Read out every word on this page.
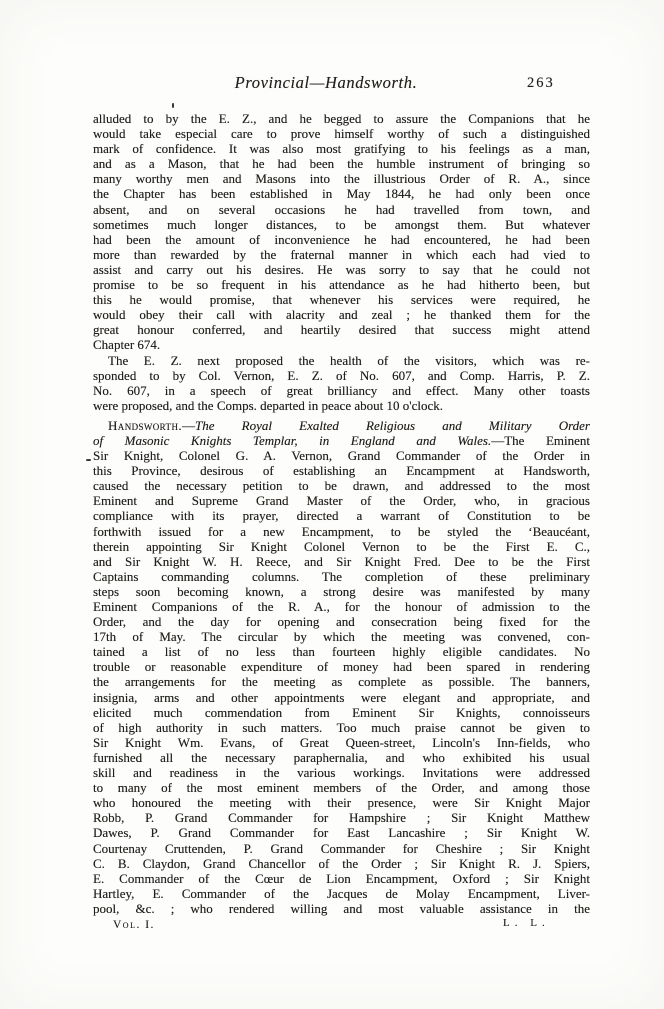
Provincial—Handsworth.	263
alluded to by the E. Z., and he begged to assure the Companions that he
would take especial care to prove himself worthy of such a distinguished
mark of confidence. It was also most gratifying to his feelings as a man,
and as a Mason, that he had been the humble instrument of bringing so
many worthy men and Masons into the illustrious Order of R. A., since
the Chapter has been established in May 1844, he had only been once
absent, and on several occasions he had travelled from town, and
sometimes much longer distances, to be amongst them. But whatever
had been the amount of inconvenience he had encountered, he had been
more than rewarded by the fraternal manner in which each had vied to
assist and carry out his desires. He was sorry to say that he could not
promise to be so frequent in his attendance as he had hitherto been, but
this he would promise, that whenever his services were required, he
would obey their call with alacrity and zeal ; he thanked them for the
great honour conferred, and heartily desired that success might attend
Chapter 674.
The E. Z. next proposed the health of the visitors, which was re-
sponded to by Col. Vernon, E. Z. of No. 607, and Comp. Harris, P. Z.
No. 607, in a speech of great brilliancy and effect. Many other toasts
were proposed, and the Comps. departed in peace about 10 o'clock.
Handsworth.—The Royal Exalted Religious and Military Order
of Masonic Knights Templar, in England and Wales.—The Eminent
Sir Knight, Colonel G. A. Vernon, Grand Commander of the Order in
this Province, desirous of establishing an Encampment at Handsworth,
caused the necessary petition to be drawn, and addressed to the most
Eminent and Supreme Grand Master of the Order, who, in gracious
compliance with its prayer, directed a warrant of Constitution to be
forthwith issued for a new Encampment, to be styled the ‘Beaucéant,
therein appointing Sir Knight Colonel Vernon to be the First E. C.,
and Sir Knight W. H. Reece, and Sir Knight Fred. Dee to be the First
Captains commanding columns. The completion of these preliminary
steps soon becoming known, a strong desire was manifested by many
Eminent Companions of the R. A., for the honour of admission to the
Order, and the day for opening and consecration being fixed for the
17th of May. The circular by which the meeting was convened, con-
tained a list of no less than fourteen highly eligible candidates. No
trouble or reasonable expenditure of money had been spared in rendering
the arrangements for the meeting as complete as possible. The banners,
insignia, arms and other appointments were elegant and appropriate, and
elicited much commendation from Eminent Sir Knights, connoisseurs
of high authority in such matters. Too much praise cannot be given to
Sir Knight Wm. Evans, of Great Queen-street, Lincoln's Inn-fields, who
furnished all the necessary paraphernalia, and who exhibited his usual
skill and readiness in the various workings. Invitations were addressed
to many of the most eminent members of the Order, and among those
who honoured the meeting with their presence, were Sir Knight Major
Robb, P. Grand Commander for Hampshire ; Sir Knight Matthew
Dawes, P. Grand Commander for East Lancashire ; Sir Knight W.
Courtenay Cruttenden, P. Grand Commander for Cheshire ; Sir Knight
C. B. Claydon, Grand Chancellor of the Order ; Sir Knight R. J. Spiers,
E. Commander of the Cœur de Lion Encampment, Oxford ; Sir Knight
Hartley, E. Commander of the Jacques de Molay Encampment, Liver-
pool, &c. ; who rendered willing and most valuable assistance in the
Vol. I.	L. L.
